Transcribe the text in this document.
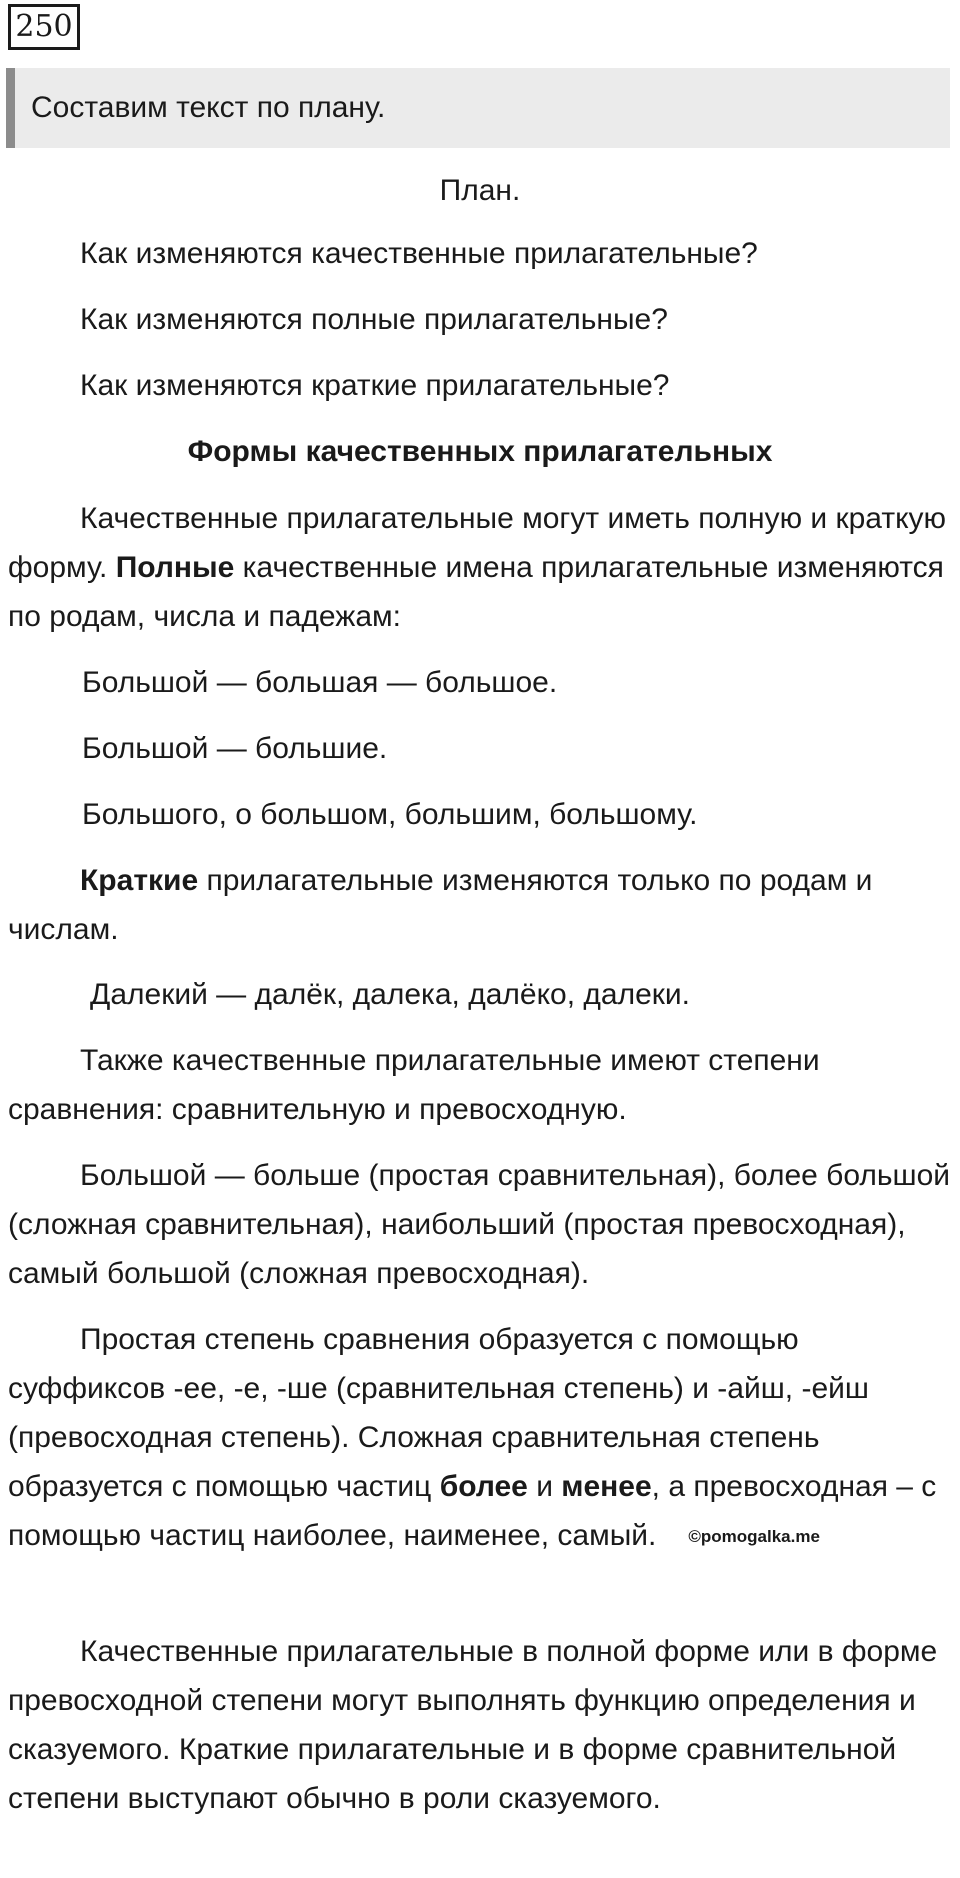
250
Составим текст по плану.

План.

Как изменяются качественные прилагательные?

Как изменяются полные прилагательные?

Как изменяются краткие прилагательные?

Формы качественных прилагательных

Качественные прилагательные могут иметь полную и краткую форму. Полные качественные имена прилагательные изменяются по родам, числа и падежам:

Большой — большая — большое.

Большой — большие.

Большого, о большом, большим, большому.

Краткие прилагательные изменяются только по родам и числам.

Далекий — далёк, далека, далёко, далеки.

Также качественные прилагательные имеют степени сравнения: сравнительную и превосходную.

Большой — больше (простая сравнительная), более большой (сложная сравнительная), наибольший (простая превосходная), самый большой (сложная превосходная).

Простая степень сравнения образуется с помощью суффиксов -ее, -е, -ше (сравнительная степень) и -айш, -ейш (превосходная степень). Сложная сравнительная степень образуется с помощью частиц более и менее, а превосходная – с помощью частиц наиболее, наименее, самый. ©pomogalka.me

Качественные прилагательные в полной форме или в форме превосходной степени могут выполнять функцию определения и сказуемого. Краткие прилагательные и в форме сравнительной степени выступают обычно в роли сказуемого.
